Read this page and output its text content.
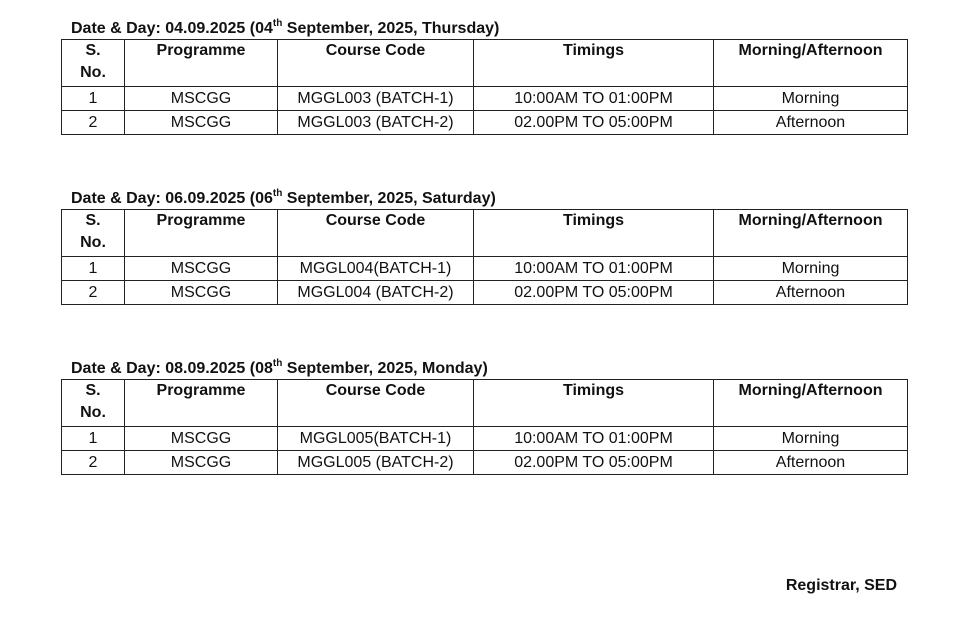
Date & Day: 04.09.2025 (04th September, 2025, Thursday)
S.
No.	Programme	Course Code	Timings	Morning/Afternoon
1	MSCGG	MGGL003 (BATCH-1)	10:00AM TO 01:00PM	Morning
2	MSCGG	MGGL003 (BATCH-2)	02.00PM TO 05:00PM	Afternoon
Date & Day: 06.09.2025 (06th September, 2025, Saturday)
S.
No.	Programme	Course Code	Timings	Morning/Afternoon
1	MSCGG	MGGL004(BATCH-1)	10:00AM TO 01:00PM	Morning
2	MSCGG	MGGL004 (BATCH-2)	02.00PM TO 05:00PM	Afternoon
Date & Day: 08.09.2025 (08th September, 2025, Monday)
S.
No.	Programme	Course Code	Timings	Morning/Afternoon
1	MSCGG	MGGL005(BATCH-1)	10:00AM TO 01:00PM	Morning
2	MSCGG	MGGL005 (BATCH-2)	02.00PM TO 05:00PM	Afternoon
Registrar, SED
